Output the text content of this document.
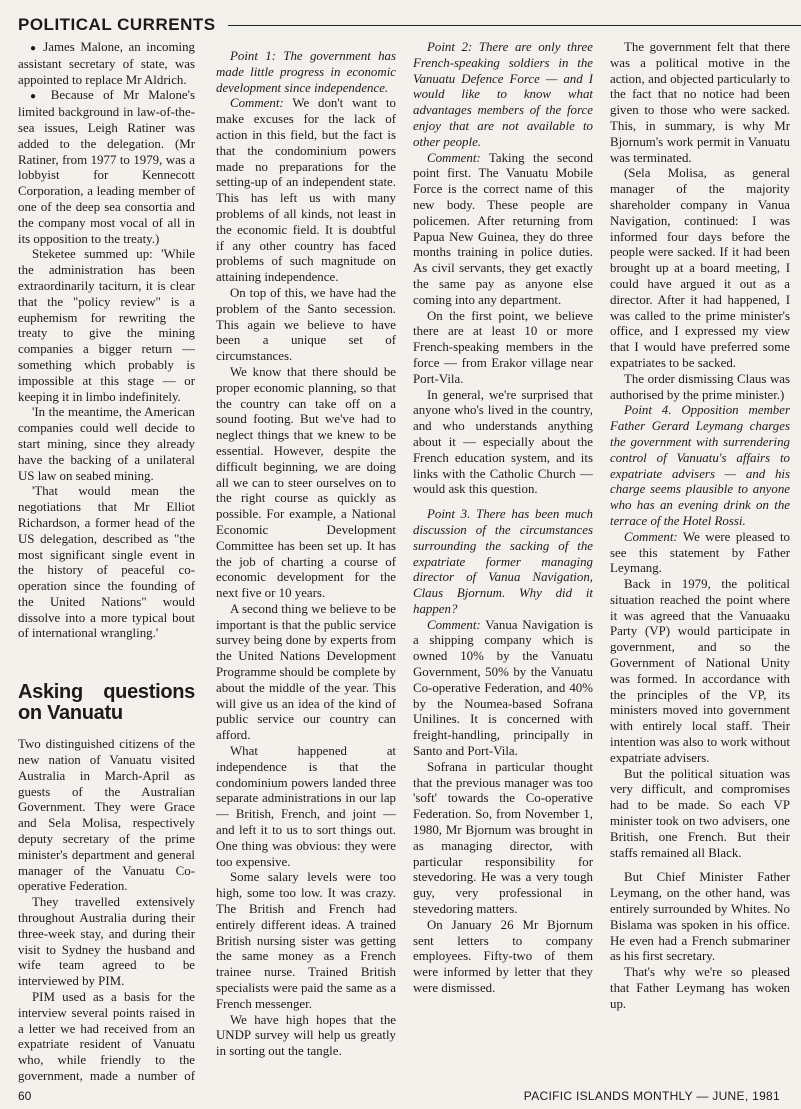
POLITICAL CURRENTS

● James Malone, an incoming assistant secretary of state, was appointed to replace Mr Aldrich.

● Because of Mr Malone's limited background in law-of-the-sea issues, Leigh Ratiner was added to the delegation. (Mr Ratiner, from 1977 to 1979, was a lobbyist for Kennecott Corporation, a leading member of one of the deep sea consortia and the company most vocal of all in its opposition to the treaty.)

Steketee summed up: 'While the administration has been extraordinarily taciturn, it is clear that the "policy review" is a euphemism for rewriting the treaty to give the mining companies a bigger return — something which probably is impossible at this stage — or keeping it in limbo indefinitely.

'In the meantime, the American companies could well decide to start mining, since they already have the backing of a unilateral US law on seabed mining.

'That would mean the negotiations that Mr Elliot Richardson, a former head of the US delegation, described as "the most significant single event in the history of peaceful co-operation since the founding of the United Nations" would dissolve into a more typical bout of international wrangling.'

Asking questions on Vanuatu

Two distinguished citizens of the new nation of Vanuatu visited Australia in March-April as guests of the Australian Government. They were Grace and Sela Molisa, respectively deputy secretary of the prime minister's department and general manager of the Vanuatu Co-operative Federation.

They travelled extensively throughout Australia during their three-week stay, and during their visit to Sydney the husband and wife team agreed to be interviewed by PIM.

PIM used as a basis for the interview several points raised in a letter we had received from an expatriate resident of Vanuatu who, while friendly to the government, made a number of

Point 1: The government has made little progress in economic development since independence.

Comment: We don't want to make excuses for the lack of action in this field, but the fact is that the condominium powers made no preparations for the setting-up of an independent state. This has left us with many problems of all kinds, not least in the economic field. It is doubtful if any other country has faced problems of such magnitude on attaining independence.

On top of this, we have had the problem of the Santo secession. This again we believe to have been a unique set of circumstances.

We know that there should be proper economic planning, so that the country can take off on a sound footing. But we've had to neglect things that we knew to be essential. However, despite the difficult beginning, we are doing all we can to steer ourselves on to the right course as quickly as possible. For example, a National Economic Development Committee has been set up. It has the job of charting a course of economic development for the next five or 10 years.

A second thing we believe to be important is that the public service survey being done by experts from the United Nations Development Programme should be complete by about the middle of the year. This will give us an idea of the kind of public service our country can afford.

What happened at independence is that the condominium powers landed three separate administrations in our lap — British, French, and joint — and left it to us to sort things out. One thing was obvious: they were too expensive.

Some salary levels were too high, some too low. It was crazy. The British and French had entirely different ideas. A trained British nursing sister was getting the same money as a French trainee nurse. Trained British specialists were paid the same as a French messenger.

We have high hopes that the UNDP survey will help us greatly in sorting out the tangle.

Point 2: There are only three French-speaking soldiers in the Vanuatu Defence Force — and I would like to know what advantages members of the force enjoy that are not available to other people.

Comment: Taking the second point first. The Vanuatu Mobile Force is the correct name of this new body. These people are policemen. After returning from Papua New Guinea, they do three months training in police duties. As civil servants, they get exactly the same pay as anyone else coming into any department.

On the first point, we believe there are at least 10 or more French-speaking members in the force — from Erakor village near Port-Vila.

In general, we're surprised that anyone who's lived in the country, and who understands anything about it — especially about the French education system, and its links with the Catholic Church — would ask this question.

Point 3. There has been much discussion of the circumstances surrounding the sacking of the expatriate former managing director of Vanua Navigation, Claus Bjornum. Why did it happen?

Comment: Vanua Navigation is a shipping company which is owned 10% by the Vanuatu Government, 50% by the Vanuatu Co-operative Federation, and 40% by the Noumea-based Sofrana Unilines. It is concerned with freight-handling, principally in Santo and Port-Vila.

Sofrana in particular thought that the previous manager was too 'soft' towards the Co-operative Federation. So, from November 1, 1980, Mr Bjornum was brought in as managing director, with particular responsibility for stevedoring. He was a very tough guy, very professional in stevedoring matters.

On January 26 Mr Bjornum sent letters to company employees. Fifty-two of them were informed by letter that they were dismissed.

The government felt that there was a political motive in the action, and objected particularly to the fact that no notice had been given to those who were sacked. This, in summary, is why Mr Bjornum's work permit in Vanuatu was terminated.

(Sela Molisa, as general manager of the majority shareholder company in Vanua Navigation, continued: I was informed four days before the people were sacked. If it had been brought up at a board meeting, I could have argued it out as a director. After it had happened, I was called to the prime minister's office, and I expressed my view that I would have preferred some expatriates to be sacked.

The order dismissing Claus was authorised by the prime minister.)

Point 4. Opposition member Father Gerard Leymang charges the government with surrendering control of Vanuatu's affairs to expatriate advisers — and his charge seems plausible to anyone who has an evening drink on the terrace of the Hotel Rossi.

Comment: We were pleased to see this statement by Father Leymang.

Back in 1979, the political situation reached the point where it was agreed that the Vanuaaku Party (VP) would participate in government, and so the Government of National Unity was formed. In accordance with the principles of the VP, its ministers moved into government with entirely local staff. Their intention was also to work without expatriate advisers.

But the political situation was very difficult, and compromises had to be made. So each VP minister took on two advisers, one British, one French. But their staffs remained all Black.

But Chief Minister Father Leymang, on the other hand, was entirely surrounded by Whites. No Bislama was spoken in his office. He even had a French submariner as his first secretary.

That's why we're so pleased that Father Leymang has woken up.

60	PACIFIC ISLANDS MONTHLY — JUNE, 1981
